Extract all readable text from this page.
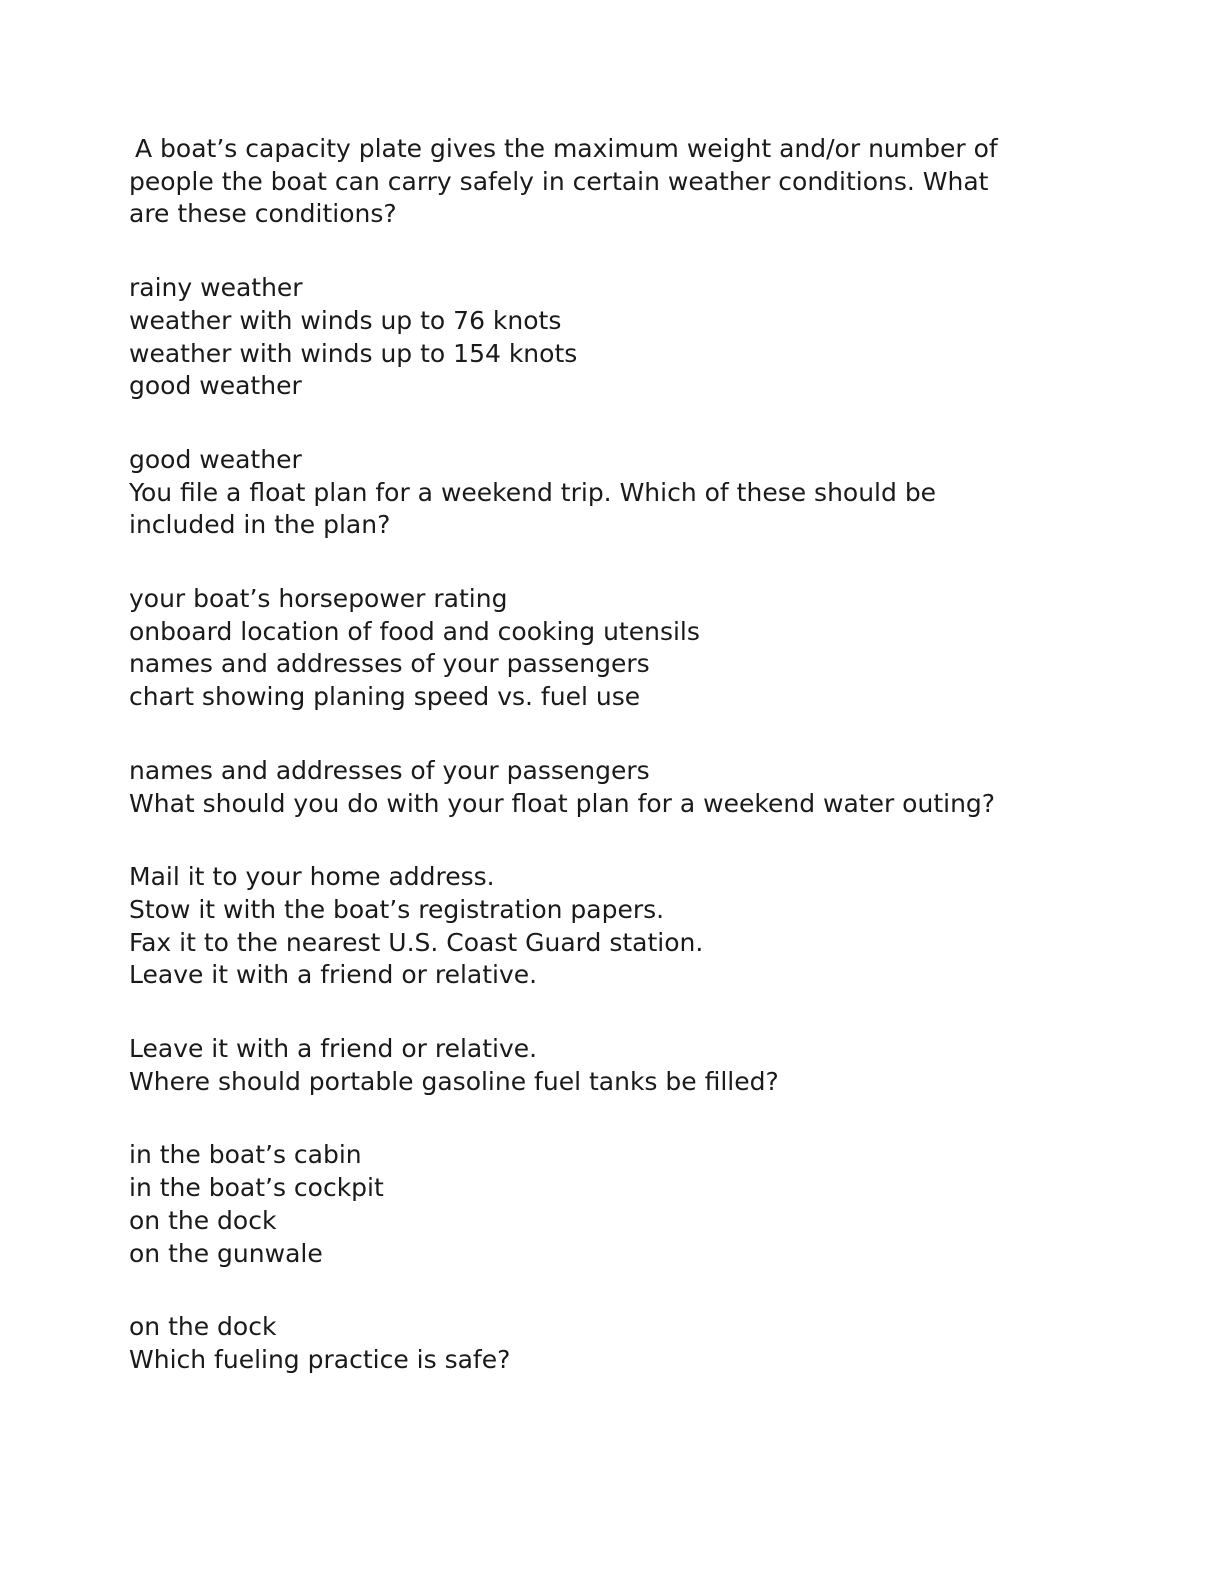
A boat’s capacity plate gives the maximum weight and/or number of
people the boat can carry safely in certain weather conditions. What
are these conditions?

rainy weather
weather with winds up to 76 knots
weather with winds up to 154 knots
good weather

good weather
You file a float plan for a weekend trip. Which of these should be
included in the plan?

your boat’s horsepower rating
onboard location of food and cooking utensils
names and addresses of your passengers
chart showing planing speed vs. fuel use

names and addresses of your passengers
What should you do with your float plan for a weekend water outing?

Mail it to your home address.
Stow it with the boat’s registration papers.
Fax it to the nearest U.S. Coast Guard station.
Leave it with a friend or relative.

Leave it with a friend or relative.
Where should portable gasoline fuel tanks be filled?

in the boat’s cabin
in the boat’s cockpit
on the dock
on the gunwale

on the dock
Which fueling practice is safe?
